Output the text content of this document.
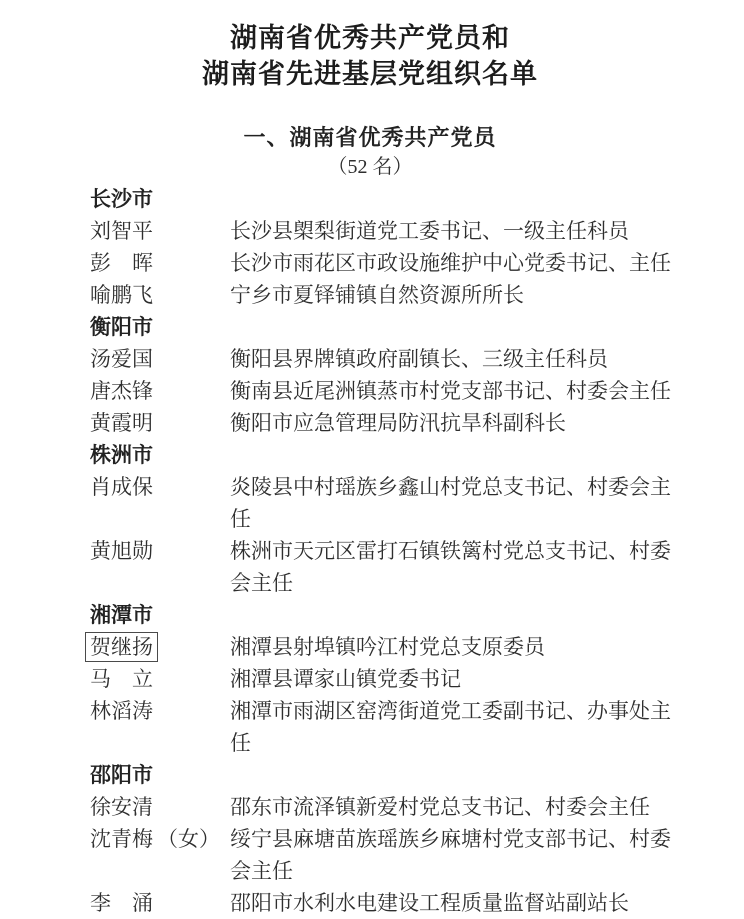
湖南省优秀共产党员和
湖南省先进基层党组织名单
一、湖南省优秀共产党员
（52 名）
长沙市
刘智平	长沙县㮾梨街道党工委书记、一级主任科员
彭　晖	长沙市雨花区市政设施维护中心党委书记、主任
喻鹏飞	宁乡市夏铎铺镇自然资源所所长
衡阳市
汤爱国	衡阳县界牌镇政府副镇长、三级主任科员
唐杰锋	衡南县近尾洲镇蒸市村党支部书记、村委会主任
黄霞明	衡阳市应急管理局防汛抗旱科副科长
株洲市
肖成保	炎陵县中村瑶族乡鑫山村党总支书记、村委会主任
黄旭勋	株洲市天元区雷打石镇铁篱村党总支书记、村委会主任
湘潭市
贺继扬	湘潭县射埠镇吟江村党总支原委员
马　立	湘潭县谭家山镇党委书记
林滔涛	湘潭市雨湖区窑湾街道党工委副书记、办事处主任
邵阳市
徐安清	邵东市流泽镇新爱村党总支书记、村委会主任
沈青梅 （女） 绥宁县麻塘苗族瑶族乡麻塘村党支部书记、村委会主任
李　涌	邵阳市水利水电建设工程质量监督站副站长
